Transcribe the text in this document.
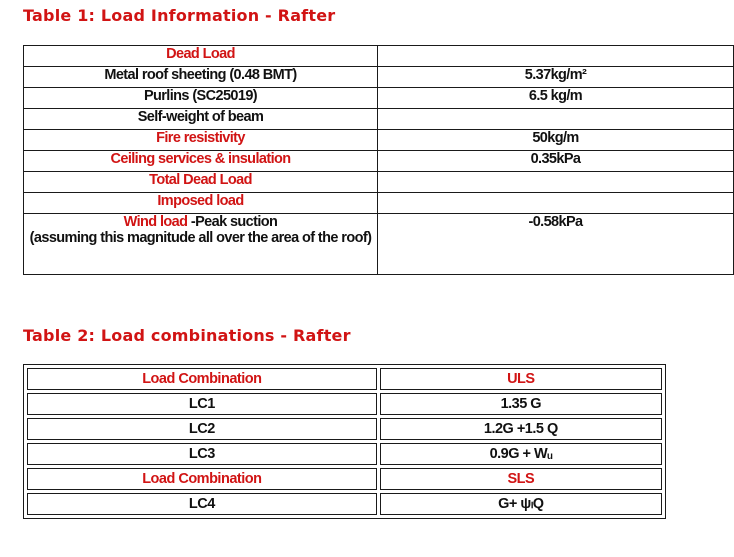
Table 1: Load Information - Rafter
Dead Load	
Metal roof sheeting (0.48 BMT)	5.37kg/m²
Purlins (SC25019)	6.5 kg/m
Self-weight of beam	
Fire resistivity	50kg/m
Ceiling services & insulation	0.35kPa
Total Dead Load	
Imposed load	
Wind load -Peak suction
(assuming this magnitude all over the area of the roof)	-0.58kPa
Table 2: Load combinations - Rafter
Load Combination	ULS
LC1	1.35 G
LC2	1.2G +1.5 Q
LC3	0.9G + Wᵤ
Load Combination	SLS
LC4	G+ ψₗQ
